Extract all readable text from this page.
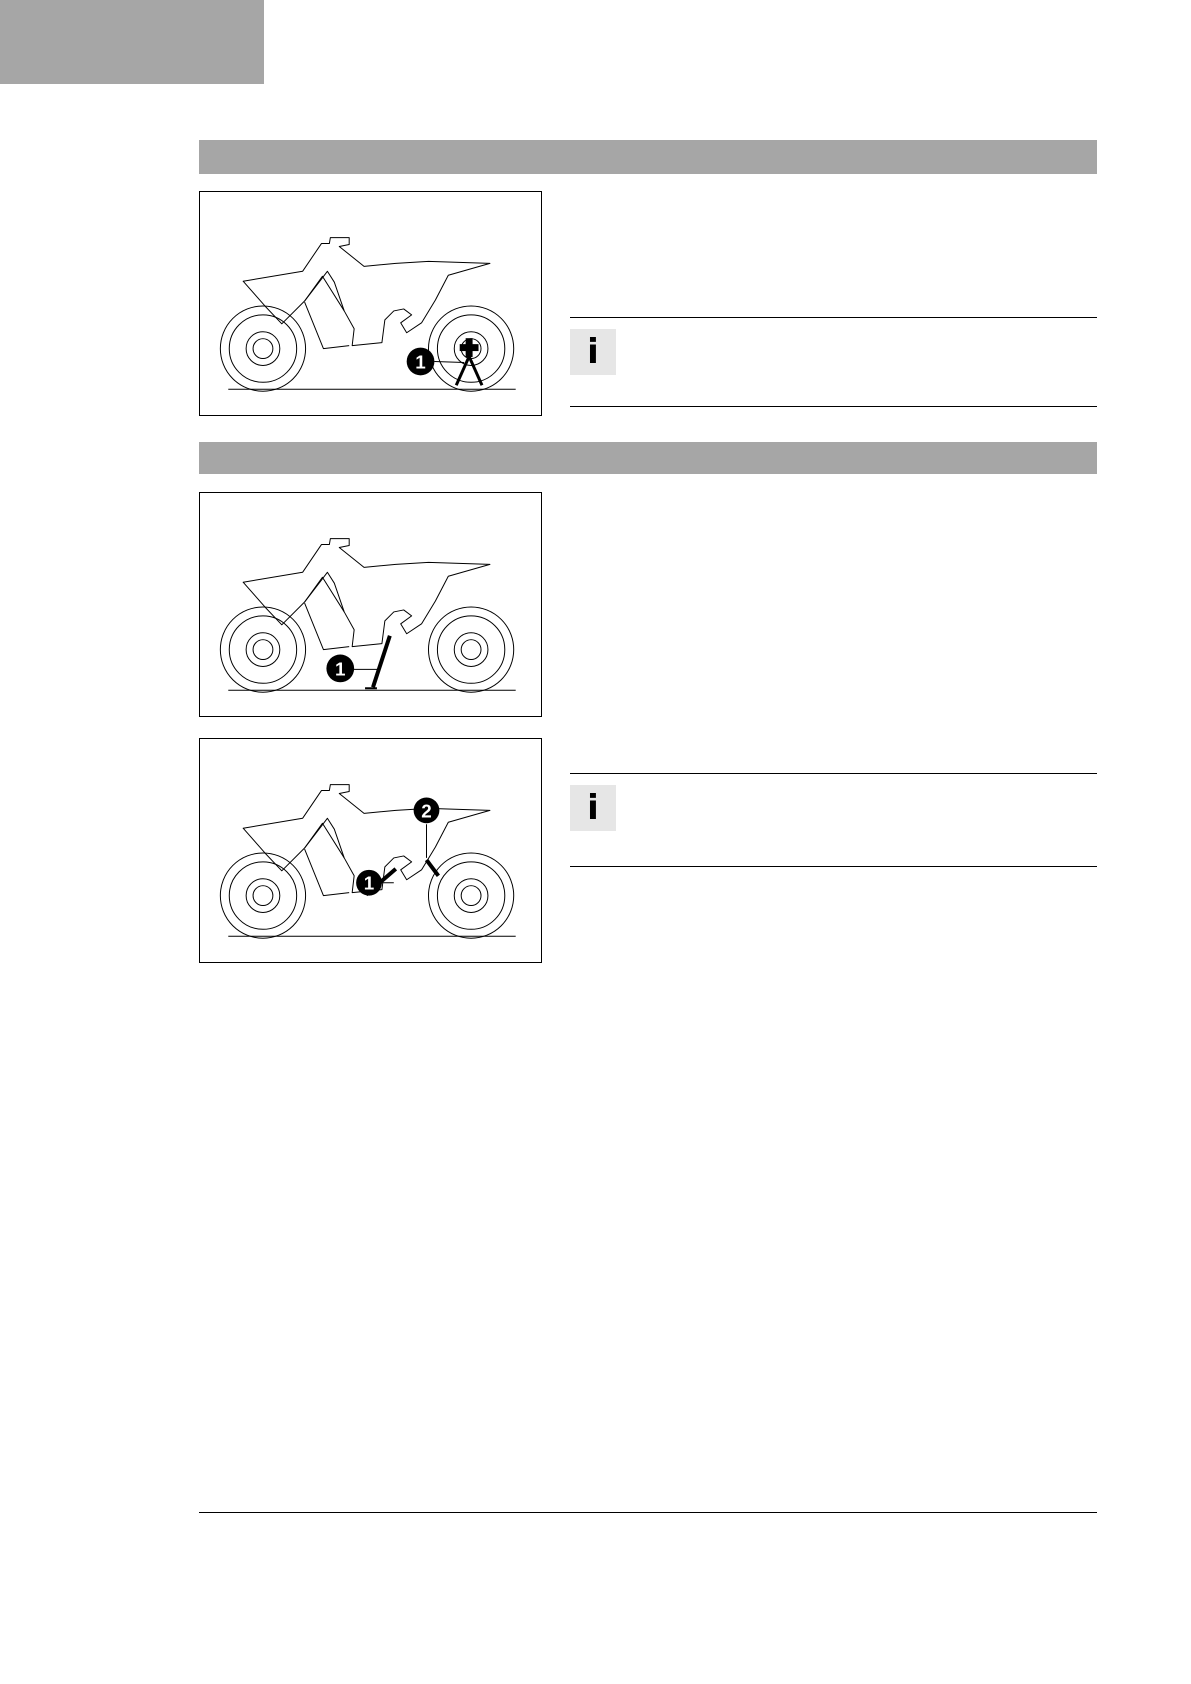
1	i
1
1
2	i
